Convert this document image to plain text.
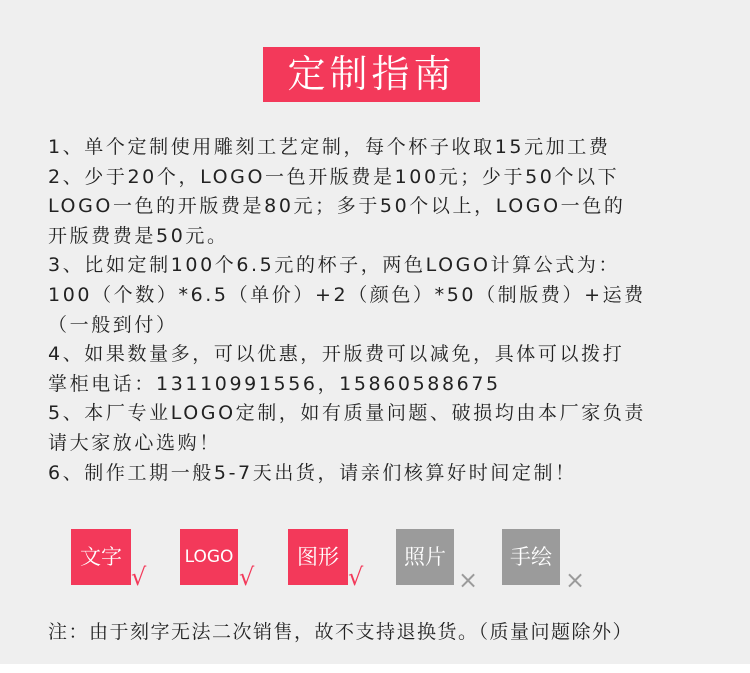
定制指南
1、单个定制使用雕刻工艺定制，每个杯子收取15元加工费
2、少于20个，LOGO一色开版费是100元；少于50个以下
LOGO一色的开版费是80元；多于50个以上，LOGO一色的
开版费费是50元。
3、比如定制100个6.5元的杯子，两色LOGO计算公式为：
100（个数）*6.5（单价）+2（颜色）*50（制版费）+运费
（一般到付）
4、如果数量多，可以优惠，开版费可以减免，具体可以拨打
掌柜电话：13110991556，15860588675
5、本厂专业LOGO定制，如有质量问题、破损均由本厂家负责
请大家放心选购！
6、制作工期一般5-7天出货，请亲们核算好时间定制！
文字
√
LOGO
√
图形
√
照片
×
手绘
×
注：由于刻字无法二次销售，故不支持退换货。（质量问题除外）
